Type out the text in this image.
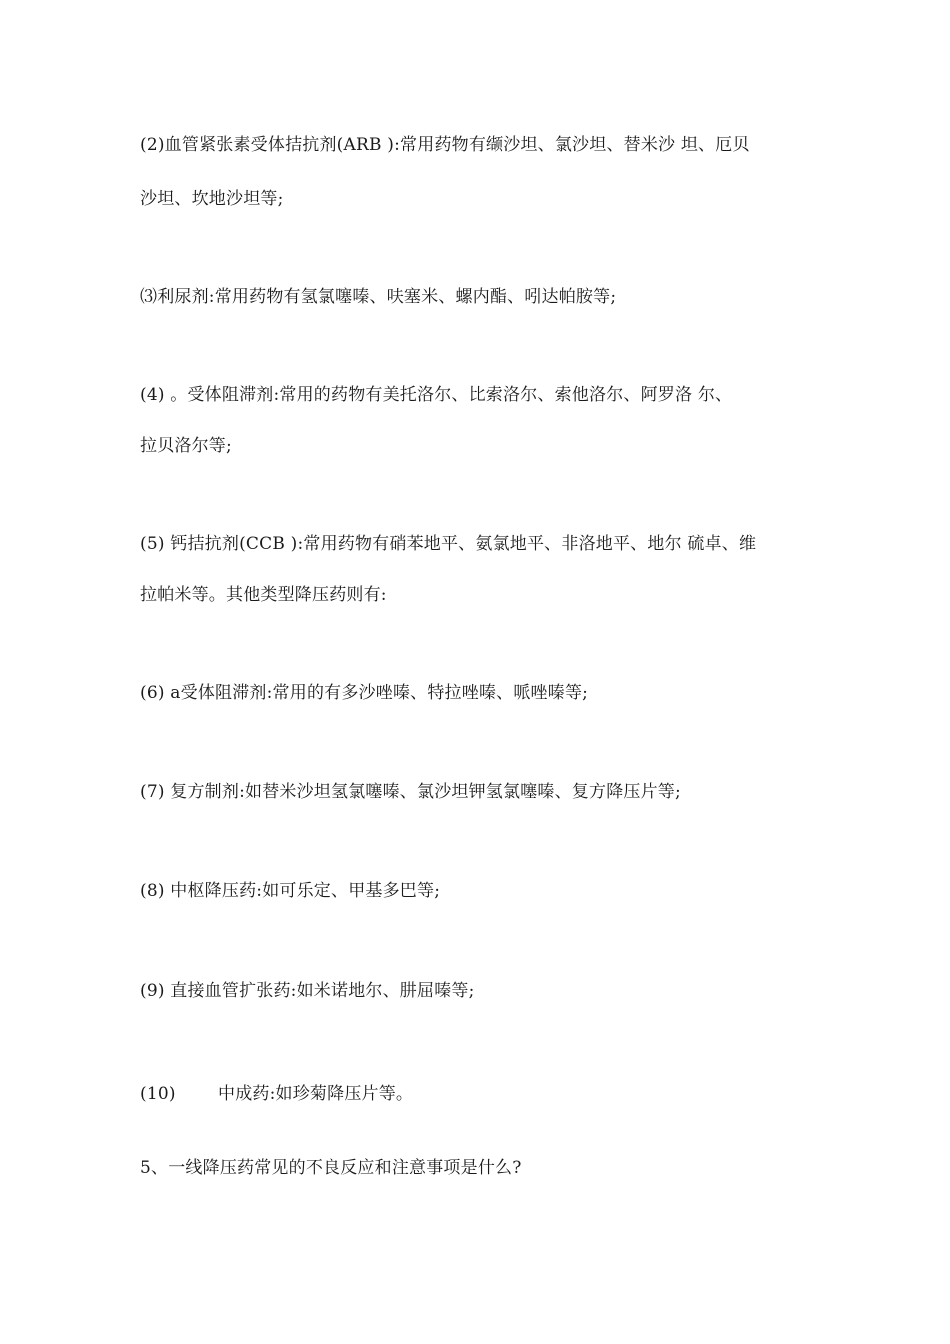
(2)血管紧张素受体拮抗剂(ARB ):常用药物有缬沙坦、氯沙坦、替米沙 坦、厄贝
沙坦、坎地沙坦等;
⑶利尿剂:常用药物有氢氯噻嗪、呋塞米、螺内酯、吲达帕胺等;
(4) 。受体阻滞剂:常用的药物有美托洛尔、比索洛尔、索他洛尔、阿罗洛 尔、
拉贝洛尔等;
(5) 钙拮抗剂(CCB ):常用药物有硝苯地平、氨氯地平、非洛地平、地尔 硫卓、维
拉帕米等。其他类型降压药则有:
(6) a受体阻滞剂:常用的有多沙唑嗪、特拉唑嗪、哌唑嗪等;
(7) 复方制剂:如替米沙坦氢氯噻嗪、氯沙坦钾氢氯噻嗪、复方降压片等;
(8) 中枢降压药:如可乐定、甲基多巴等;
(9) 直接血管扩张药:如米诺地尔、肼屈嗪等;
(10) 中成药:如珍菊降压片等。
5、一线降压药常见的不良反应和注意事项是什么?
